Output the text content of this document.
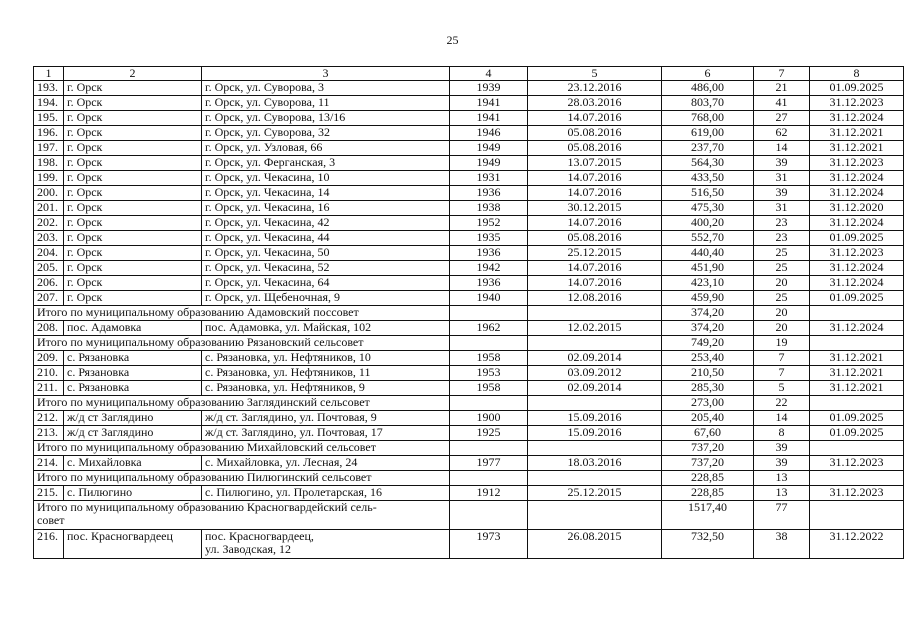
25
1	2	3	4	5	6	7	8
193.	г. Орск	г. Орск, ул. Суворова, 3	1939	23.12.2016	486,00	21	01.09.2025
194.	г. Орск	г. Орск, ул. Суворова, 11	1941	28.03.2016	803,70	41	31.12.2023
195.	г. Орск	г. Орск, ул. Суворова, 13/16	1941	14.07.2016	768,00	27	31.12.2024
196.	г. Орск	г. Орск, ул. Суворова, 32	1946	05.08.2016	619,00	62	31.12.2021
197.	г. Орск	г. Орск, ул. Узловая, 66	1949	05.08.2016	237,70	14	31.12.2021
198.	г. Орск	г. Орск, ул. Ферганская, 3	1949	13.07.2015	564,30	39	31.12.2023
199.	г. Орск	г. Орск, ул. Чекасина, 10	1931	14.07.2016	433,50	31	31.12.2024
200.	г. Орск	г. Орск, ул. Чекасина, 14	1936	14.07.2016	516,50	39	31.12.2024
201.	г. Орск	г. Орск, ул. Чекасина, 16	1938	30.12.2015	475,30	31	31.12.2020
202.	г. Орск	г. Орск, ул. Чекасина, 42	1952	14.07.2016	400,20	23	31.12.2024
203.	г. Орск	г. Орск, ул. Чекасина, 44	1935	05.08.2016	552,70	23	01.09.2025
204.	г. Орск	г. Орск, ул. Чекасина, 50	1936	25.12.2015	440,40	25	31.12.2023
205.	г. Орск	г. Орск, ул. Чекасина, 52	1942	14.07.2016	451,90	25	31.12.2024
206.	г. Орск	г. Орск, ул. Чекасина, 64	1936	14.07.2016	423,10	20	31.12.2024
207.	г. Орск	г. Орск, ул. Щебеночная, 9	1940	12.08.2016	459,90	25	01.09.2025
Итого по муниципальному образованию Адамовский поссовет					374,20	20	
208.	пос. Адамовка	пос. Адамовка, ул. Майская, 102	1962	12.02.2015	374,20	20	31.12.2024
Итого по муниципальному образованию Рязановский сельсовет					749,20	19	
209.	с. Рязановка	с. Рязановка, ул. Нефтяников, 10	1958	02.09.2014	253,40	7	31.12.2021
210.	с. Рязановка	с. Рязановка, ул. Нефтяников, 11	1953	03.09.2012	210,50	7	31.12.2021
211.	с. Рязановка	с. Рязановка, ул. Нефтяников, 9	1958	02.09.2014	285,30	5	31.12.2021
Итого по муниципальному образованию Заглядинский сельсовет					273,00	22	
212.	ж/д ст Заглядино	ж/д ст. Заглядино, ул. Почтовая, 9	1900	15.09.2016	205,40	14	01.09.2025
213.	ж/д ст Заглядино	ж/д ст. Заглядино, ул. Почтовая, 17	1925	15.09.2016	67,60	8	01.09.2025
Итого по муниципальному образованию Михайловский сельсовет					737,20	39	
214.	с. Михайловка	с. Михайловка, ул. Лесная, 24	1977	18.03.2016	737,20	39	31.12.2023
Итого по муниципальному образованию Пилюгинский сельсовет					228,85	13	
215.	с. Пилюгино	с. Пилюгино, ул. Пролетарская, 16	1912	25.12.2015	228,85	13	31.12.2023
Итого по муниципальному образованию Красногвардейский сель-
совет					1517,40	77	
216.	пос. Красногвардеец	пос. Красногвардеец,
ул. Заводская, 12	1973	26.08.2015	732,50	38	31.12.2022
